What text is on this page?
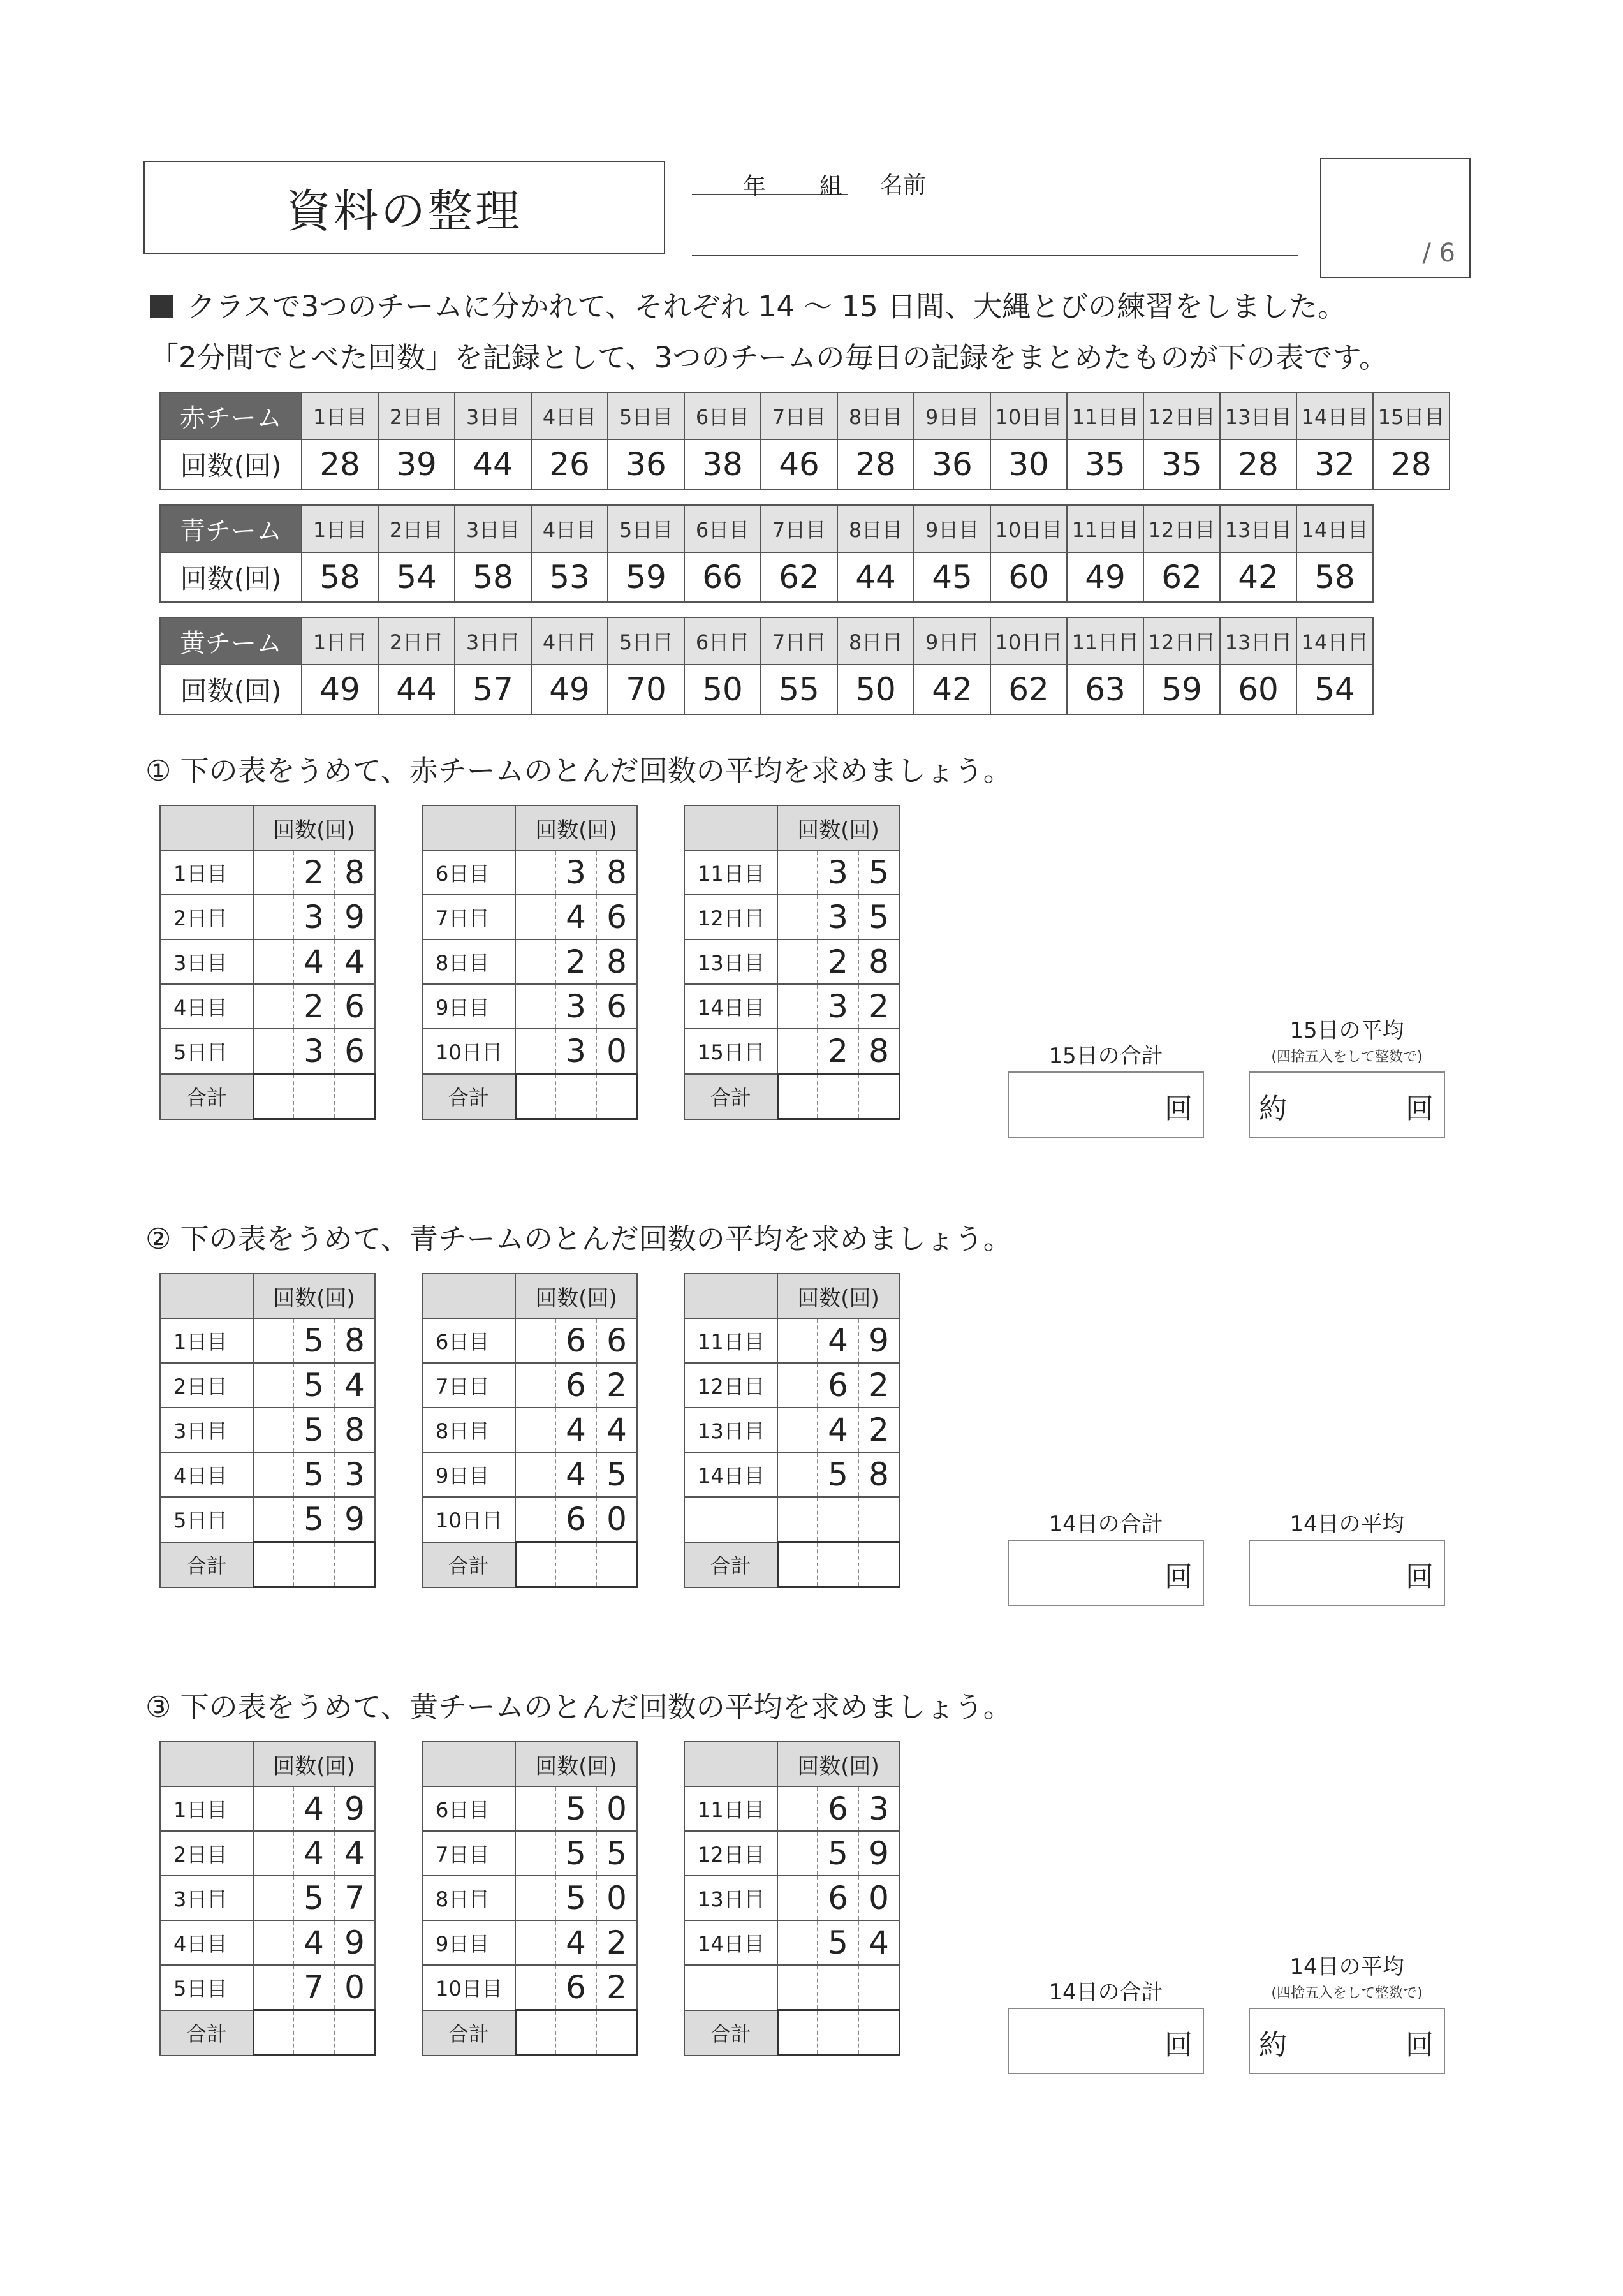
資料の整理	年 組 名前
/ 6
クラスで3つのチームに分かれて、それぞれ 14 ～ 15 日間、大縄とびの練習をしました。
「2分間でとべた回数」を記録として、3つのチームの毎日の記録をまとめたものが下の表です。
赤チーム	1日目	2日目	3日目	4日目	5日目	6日目	7日目	8日目	9日目	10日目	11日目	12日目	13日目	14日目	15日目
回数(回)	28	39	44	26	36	38	46	28	36	30	35	35	28	32	28
青チーム	1日目	2日目	3日目	4日目	5日目	6日目	7日目	8日目	9日目	10日目	11日目	12日目	13日目	14日目
回数(回)	58	54	58	53	59	66	62	44	45	60	49	62	42	58
黄チーム	1日目	2日目	3日目	4日目	5日目	6日目	7日目	8日目	9日目	10日目	11日目	12日目	13日目	14日目
回数(回)	49	44	57	49	70	50	55	50	42	62	63	59	60	54
① 下の表をうめて、赤チームのとんだ回数の平均を求めましょう。
② 下の表をうめて、青チームのとんだ回数の平均を求めましょう。
③ 下の表をうめて、黄チームのとんだ回数の平均を求めましょう。
	回数(回)
1日目	2 8

2日目	3 9

3日目	4 4

4日目	2 6

5日目	3 6

合計	
	回数(回)
6日目	3 8

7日目	4 6

8日目	2 8

9日目	3 6

10日目	3 0

合計	
	回数(回)
11日目	3 5

12日目	3 5

13日目	2 8

14日目	3 2

15日目	2 8

合計	
15日の合計
回
15日の平均
(四捨五入をして整数で)
約	回
	回数(回)
1日目	5 8

2日目	5 4

3日目	5 8

4日目	5 3

5日目	5 9

合計	
	回数(回)
6日目	6 6

7日目	6 2

8日目	4 4

9日目	4 5

10日目	6 0

合計	
	回数(回)
11日目	4 9

12日目	6 2

13日目	4 2

14日目	5 8

合計	
14日の合計
回
14日の平均
回
	回数(回)
1日目	4 9

2日目	4 4

3日目	5 7

4日目	4 9

5日目	7 0

合計	
	回数(回)
6日目	5 0

7日目	5 5

8日目	5 0

9日目	4 2

10日目	6 2

合計	
	回数(回)
11日目	6 3

12日目	5 9

13日目	6 0

14日目	5 4

合計	
14日の合計
回
14日の平均
(四捨五入をして整数で)
約	回
